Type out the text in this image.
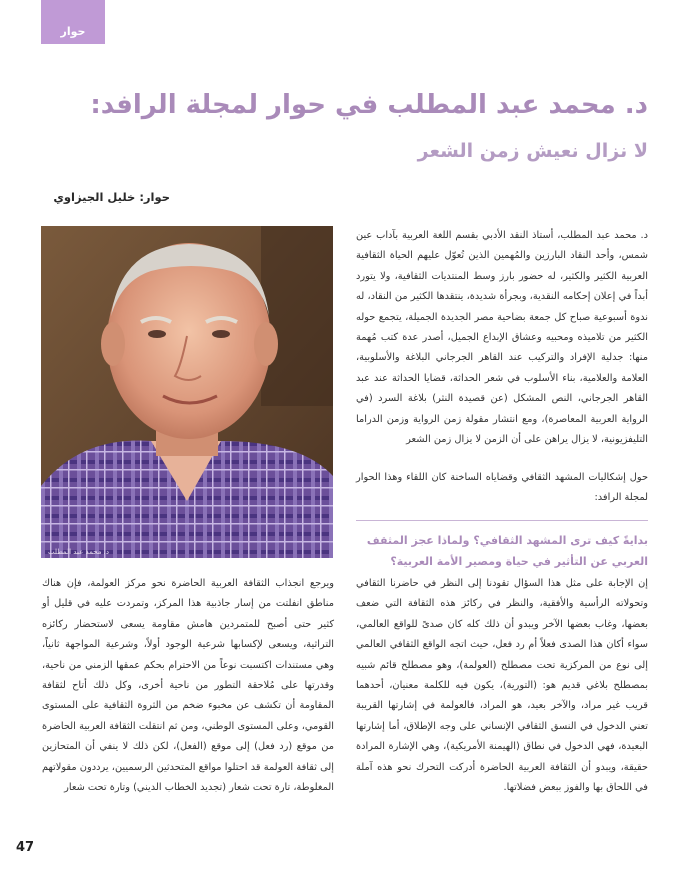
حوار
د. محمد عبد المطلب في حوار لمجلة الرافد:
لا نزال نعيش زمن الشعر
حوار: خليل الجيزاوي
د. محمد عبد المطلب

د. محمد عبد المطلب، أستاذ النقد الأدبي بقسم اللغة العربية بآداب عين شمس، وأحد النقاد البارزين والمُهمين الذين تُعوّل عليهم الحياة الثقافية العربية الكثير والكثير، له حضور بارز وسط المنتديات الثقافية، ولا يتورد أبداً في إعلان إحكامه النقدية، وبجرأة شديدة، ينتقدها الكثير من النقاد، له ندوة أسبوعية صباح كل جمعة بضاحية مصر الجديدة الجميلة، يتجمع حوله الكثير من تلاميذه ومحبيه وعشاق الإبداع الجميل، أصدر عدة كتب مُهمة منها: جدلية الإفراد والتركيب عند القاهر الجرجاني البلاغة والأسلوبية، العلامة والعلامية، بناء الأسلوب في شعر الحداثة، قضايا الحداثة عند عبد القاهر الجرجاني، النص المشكل (عن قصيدة النثر) بلاغة السرد (في الرواية العربية المعاصرة)، ومع انتشار مقولة زمن الرواية وزمن الدراما التليفزيونية، لا يزال يراهن على أن الزمن لا يزال زمن الشعر

حول إشكاليات المشهد الثقافي وقضاياه الساخنة كان اللقاء وهذا الحوار لمجلة الرافد:

بدايةً كيف ترى المشهد الثقافي؟ ولماذا عجز المثقف العربي عن التأثير في حياة ومصير الأمة العربية؟

إن الإجابة على مثل هذا السؤال تقودنا إلى النظر في حاضرنا الثقافي وتحولاته الرأسية والأفقية، والنظر في ركائز هذه الثقافة التي ضعف بعضها، وغاب بعضها الآخر ويبدو أن ذلك كله كان صدىً للواقع العالمي، سواء أكان هذا الصدى فعلاً أم رد فعل، حيث اتجه الواقع الثقافي العالمي إلى نوع من المركزية تحت مصطلح (العولمة)، وهو مصطلح قائم شبيه بمصطلح بلاغي قديم هو: (التورية)، يكون فيه للكلمة معنيان، أحدهما قريب غير مراد، والآخر بعيد، هو المراد، فالعولمة في إشارتها القريبة تعني الدخول في النسق الثقافي الإنساني على وجه الإطلاق، أما إشارتها البعيدة، فهي الدخول في نطاق (الهيمنة الأمريكية)، وهي الإشارة المرادة حقيقة، ويبدو أن الثقافة العربية الحاضرة أدركت التحرك نحو هذه آملة في اللحاق بها والفوز ببعض فضلاتها.

ويرجع انجذاب الثقافة العربية الحاضرة نحو مركز العولمة، فإن هناك مناطق انفلتت من إسار جاذبية هذا المركز، وتمردت عليه في قليل أو كثير حتى أصبح للمتمردين هامش مقاومة يسعى لاستحضار ركائزه التراثية، ويسعى لإكسابها شرعية الوجود أولاً، وشرعية المواجهة ثانياً، وهي مستندات اكتسبت نوعاً من الاحترام بحكم عمقها الزمني من ناحية، وقدرتها على مُلاحقة التطور من ناحية أخرى، وكل ذلك أتاح لثقافة المقاومة أن تكشف عن مخبوء ضخم من الثروة الثقافية على المستوى القومي، وعلى المستوى الوطني، ومن ثم انتقلت الثقافة العربية الحاضرة من موقع (رد فعل) إلى موقع (الفعل)، لكن ذلك لا ينفي أن المتحازين إلى ثقافة العولمة قد احتلوا مواقع المتحدثين الرسميين، يرددون مقولاتهم المغلوطة، تارة تحت شعار (تجديد الخطاب الديني) وتارة تحت شعار

47
